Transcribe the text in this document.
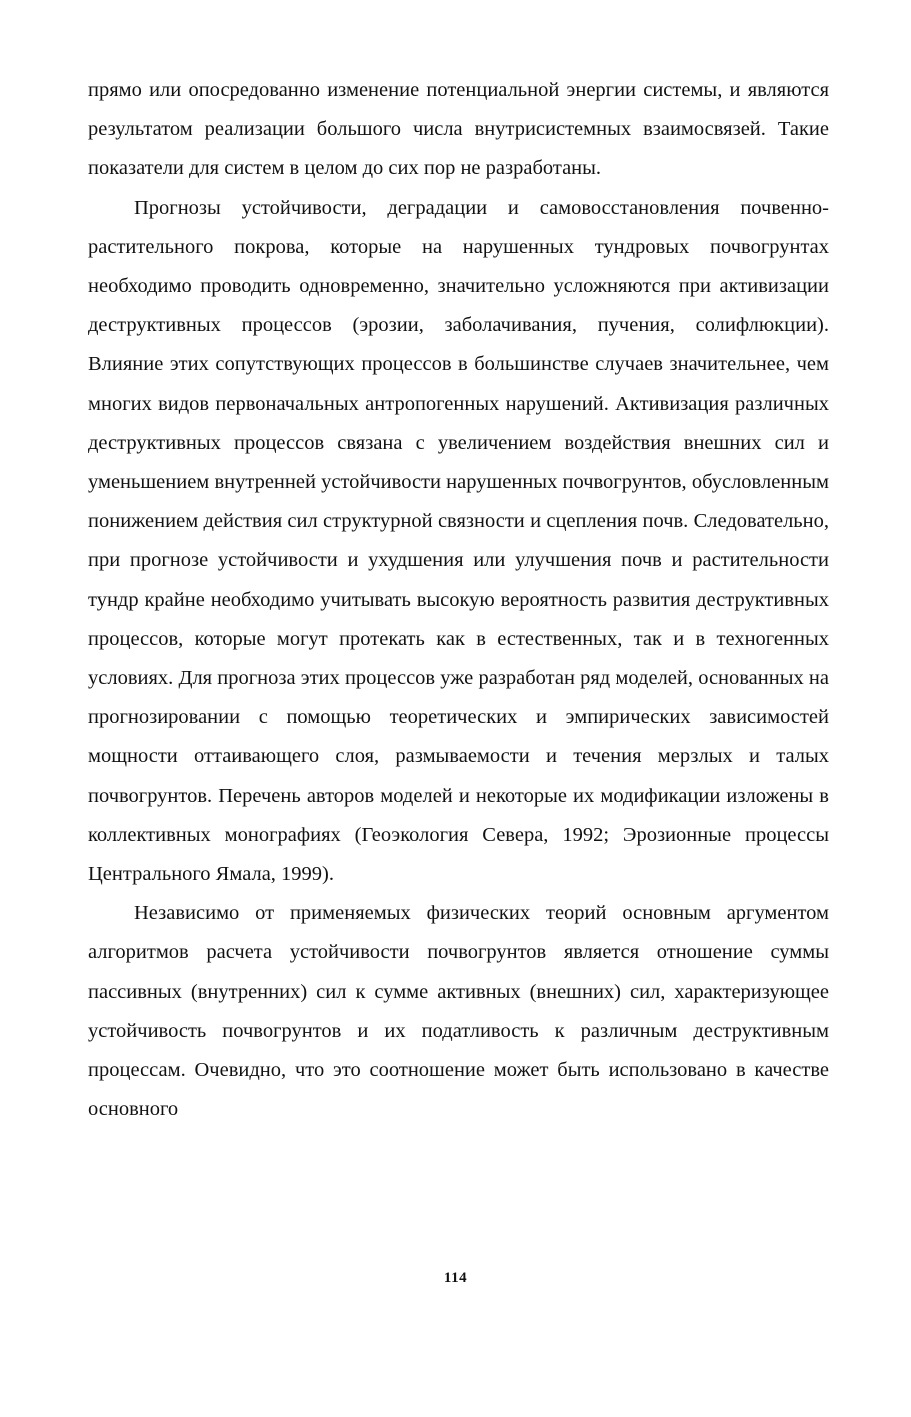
прямо или опосредованно изменение потенциальной энергии системы, и являются результатом реализации большого числа внутрисистемных взаимосвязей. Такие показатели для систем в целом до сих пор не разработаны.

Прогнозы устойчивости, деградации и самовосстановления почвенно-растительного покрова, которые на нарушенных тундровых почвогрунтах необходимо проводить одновременно, значительно усложняются при активизации деструктивных процессов (эрозии, заболачивания, пучения, солифлюкции). Влияние этих сопутствующих процессов в большинстве случаев значительнее, чем многих видов первоначальных антропогенных нарушений. Активизация различных деструктивных процессов связана с увеличением воздействия внешних сил и уменьшением внутренней устойчивости нарушенных почвогрунтов, обусловленным понижением действия сил структурной связности и сцепления почв. Следовательно, при прогнозе устойчивости и ухудшения или улучшения почв и растительности тундр крайне необходимо учитывать высокую вероятность развития деструктивных процессов, которые могут протекать как в естественных, так и в техногенных условиях. Для прогноза этих процессов уже разработан ряд моделей, основанных на прогнозировании с помощью теоретических и эмпирических зависимостей мощности оттаивающего слоя, размываемости и течения мерзлых и талых почвогрунтов. Перечень авторов моделей и некоторые их модификации изложены в коллективных монографиях (Геоэкология Севера, 1992; Эрозионные процессы Центрального Ямала, 1999).

Независимо от применяемых физических теорий основным аргументом алгоритмов расчета устойчивости почвогрунтов является отношение суммы пассивных (внутренних) сил к сумме активных (внешних) сил, характеризующее устойчивость почвогрунтов и их податливость к различным деструктивным процессам. Очевидно, что это соотношение может быть использовано в качестве основного

114
